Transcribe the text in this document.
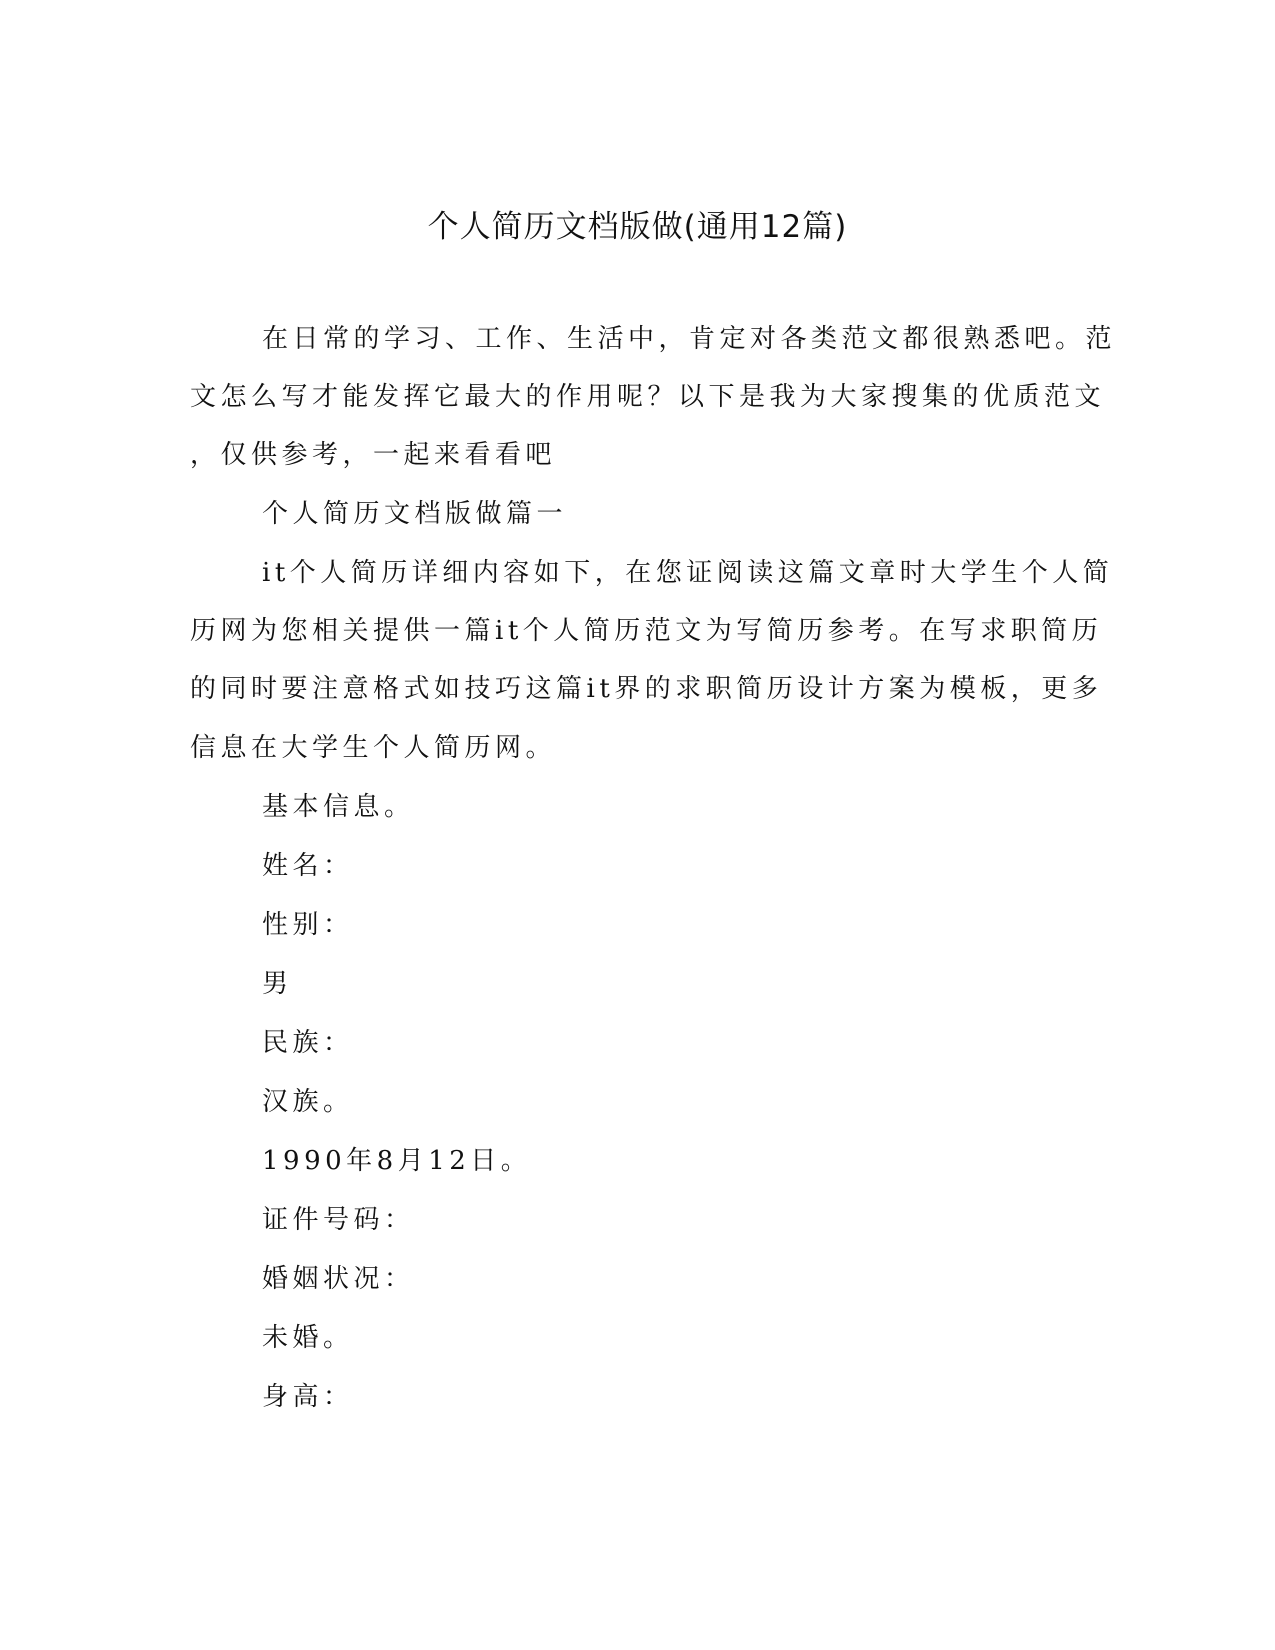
个人简历文档版做(通用12篇)
在日常的学习、工作、生活中，肯定对各类范文都很熟悉吧。范
文怎么写才能发挥它最大的作用呢？以下是我为大家搜集的优质范文
，仅供参考，一起来看看吧
个人简历文档版做篇一
it个人简历详细内容如下，在您证阅读这篇文章时大学生个人简
历网为您相关提供一篇it个人简历范文为写简历参考。在写求职简历
的同时要注意格式如技巧这篇it界的求职简历设计方案为模板，更多
信息在大学生个人简历网。
基本信息。
姓名：
性别：
男
民族：
汉族。
1990年8月12日。
证件号码：
婚姻状况：
未婚。
身高：
